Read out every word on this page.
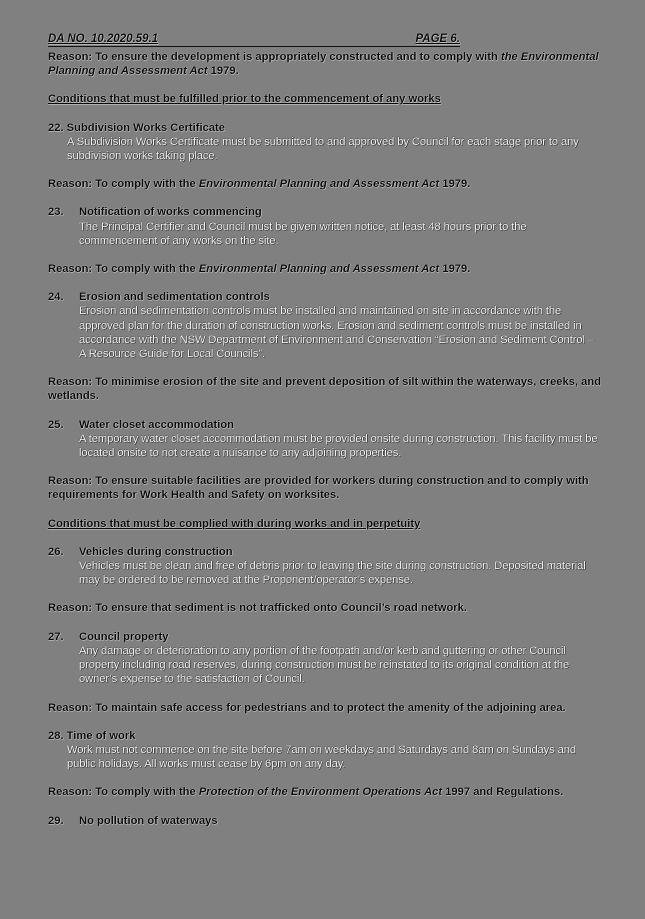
DA NO. 10.2020.59.1	PAGE 6.

Reason: To ensure the development is appropriately constructed and to comply with the Environmental Planning and Assessment Act 1979.

Conditions that must be fulfilled prior to the commencement of any works

22. Subdivision Works Certificate

A Subdivision Works Certificate must be submitted to and approved by Council for each stage prior to any subdivision works taking place.

Reason: To comply with the Environmental Planning and Assessment Act 1979.

23. Notification of works commencing

The Principal Certifier and Council must be given written notice, at least 48 hours prior to the commencement of any works on the site.

Reason: To comply with the Environmental Planning and Assessment Act 1979.

24. Erosion and sedimentation controls

Erosion and sedimentation controls must be installed and maintained on site in accordance with the approved plan for the duration of construction works. Erosion and sediment controls must be installed in accordance with the NSW Department of Environment and Conservation “Erosion and Sediment Control – A Resource Guide for Local Councils”.

Reason: To minimise erosion of the site and prevent deposition of silt within the waterways, creeks, and wetlands.

25. Water closet accommodation

A temporary water closet accommodation must be provided onsite during construction. This facility must be located onsite to not create a nuisance to any adjoining properties.

Reason: To ensure suitable facilities are provided for workers during construction and to comply with requirements for Work Health and Safety on worksites.

Conditions that must be complied with during works and in perpetuity

26. Vehicles during construction

Vehicles must be clean and free of debris prior to leaving the site during construction. Deposited material may be ordered to be removed at the Proponent/operator’s expense.

Reason: To ensure that sediment is not trafficked onto Council’s road network.

27. Council property

Any damage or deterioration to any portion of the footpath and/or kerb and guttering or other Council property including road reserves, during construction must be reinstated to its original condition at the owner’s expense to the satisfaction of Council.

Reason: To maintain safe access for pedestrians and to protect the amenity of the adjoining area.

28. Time of work

Work must not commence on the site before 7am on weekdays and Saturdays and 8am on Sundays and public holidays. All works must cease by 6pm on any day.

Reason: To comply with the Protection of the Environment Operations Act 1997 and Regulations.

29. No pollution of waterways
